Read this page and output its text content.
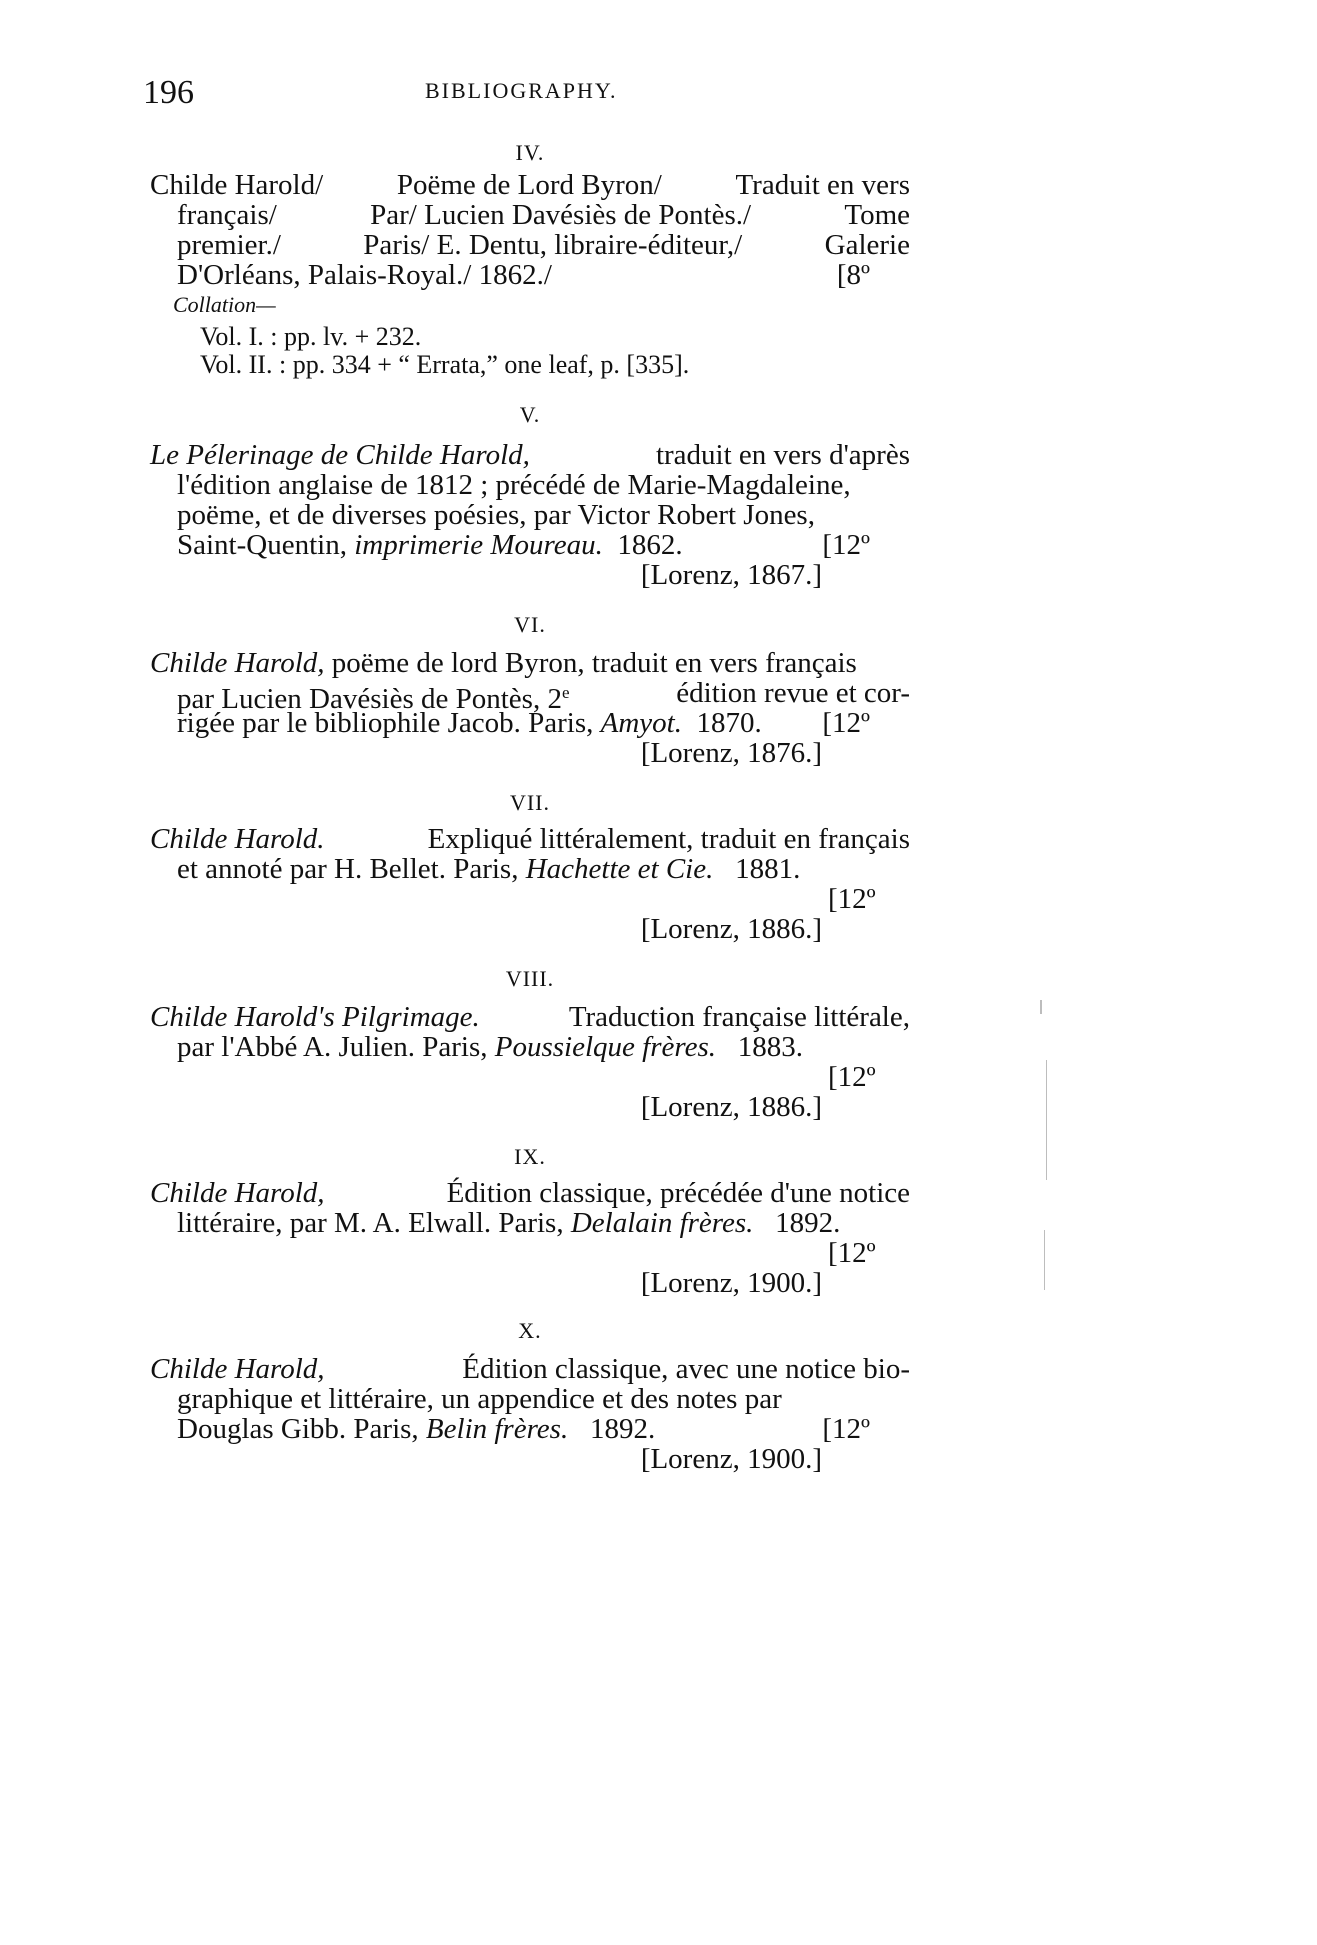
196	BIBLIOGRAPHY.
IV.
Childe Harold/	Poëme de Lord Byron/	Traduit en vers
français/	Par/ Lucien Davésiès de Pontès./	Tome
premier./	Paris/ E. Dentu, libraire-éditeur,/	Galerie
D'Orléans, Palais-Royal./ 1862./	[8º
Collation—
Vol. I. : pp. lv. + 232.
Vol. II. : pp. 334 + “ Errata,” one leaf, p. [335].
V.
Le Pélerinage de Childe Harold,	traduit en vers d'après
l'édition anglaise de 1812 ; précédé de Marie-Magdaleine,
poëme, et de diverses poésies, par Victor Robert Jones,
Saint-Quentin, imprimerie Moureau. 1862.	[12º
[Lorenz, 1867.]
VI.
Childe Harold, poëme de lord Byron, traduit en vers français
par Lucien Davésiès de Pontès, 2e	édition revue et cor-
rigée par le bibliophile Jacob. Paris, Amyot. 1870. [12º
[Lorenz, 1876.]
VII.
Childe Harold.	Expliqué littéralement, traduit en français
et annoté par H. Bellet. Paris, Hachette et Cie. 1881.
[12º
[Lorenz, 1886.]
VIII.
Childe Harold's Pilgrimage.	Traduction française littérale,
par l'Abbé A. Julien. Paris, Poussielque frères. 1883.
[12º
[Lorenz, 1886.]
IX.
Childe Harold,	Édition classique, précédée d'une notice
littéraire, par M. A. Elwall. Paris, Delalain frères. 1892.
[12º
[Lorenz, 1900.]
X.
Childe Harold,	Édition classique, avec une notice bio-
graphique et littéraire, un appendice et des notes par
Douglas Gibb. Paris, Belin frères. 1892.	[12º
[Lorenz, 1900.]
